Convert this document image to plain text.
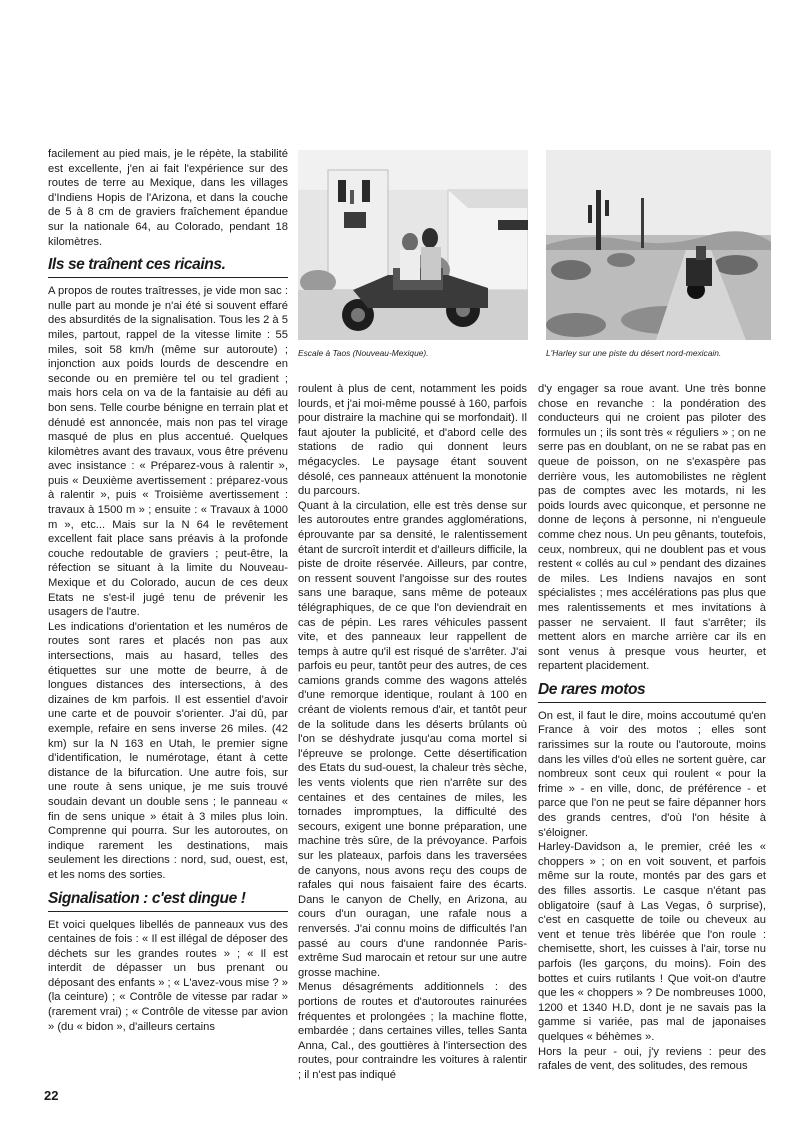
Escale à Taos (Nouveau-Mexique).	L'Harley sur une piste du désert nord-mexicain.

facilement au pied mais, je le répète, la stabilité est excellente, j'en ai fait l'expérience sur des routes de terre au Mexique, dans les villages d'Indiens Hopis de l'Arizona, et dans la couche de 5 à 8 cm de graviers fraîchement épandue sur la nationale 64, au Colorado, pendant 18 kilomètres.

Ils se traînent ces ricains.

A propos de routes traîtresses, je vide mon sac : nulle part au monde je n'ai été si souvent effaré des absurdités de la signalisation. Tous les 2 à 5 miles, partout, rappel de la vitesse limite : 55 miles, soit 58 km/h (même sur autoroute) ; injonction aux poids lourds de descendre en seconde ou en première tel ou tel gradient ; mais hors cela on va de la fantaisie au défi au bon sens. Telle courbe bénigne en terrain plat et dénudé est annoncée, mais non pas tel virage masqué de plus en plus accentué. Quelques kilomètres avant des travaux, vous être prévenu avec insistance : « Préparez-vous à ralentir », puis « Deuxième avertissement : préparez-vous à ralentir », puis « Troisième avertissement : travaux à 1500 m » ; ensuite : « Travaux à 1000 m », etc... Mais sur la N 64 le revêtement excellent fait place sans préavis à la profonde couche redoutable de graviers ; peut-être, la réfection se situant à la limite du Nouveau-Mexique et du Colorado, aucun de ces deux Etats ne s'est-il jugé tenu de prévenir les usagers de l'autre.

Les indications d'orientation et les numéros de routes sont rares et placés non pas aux intersections, mais au hasard, telles des étiquettes sur une motte de beurre, à de longues distances des intersections, à des dizaines de km parfois. Il est essentiel d'avoir une carte et de pouvoir s'orienter. J'ai dû, par exemple, refaire en sens inverse 26 miles. (42 km) sur la N 163 en Utah, le premier signe d'identification, le numérotage, étant à cette distance de la bifurcation. Une autre fois, sur une route à sens unique, je me suis trouvé soudain devant un double sens ; le panneau « fin de sens unique » était à 3 miles plus loin. Comprenne qui pourra. Sur les autoroutes, on indique rarement les destinations, mais seulement les directions : nord, sud, ouest, est, et les noms des sorties.

Signalisation : c'est dingue !

Et voici quelques libellés de panneaux vus des centaines de fois : « Il est illégal de déposer des déchets sur les grandes routes » ; « Il est interdit de dépasser un bus prenant ou déposant des enfants » ; « L'avez-vous mise ? » (la ceinture) ; « Contrôle de vitesse par radar » (rarement vrai) ; « Contrôle de vitesse par avion » (du « bidon », d'ailleurs certains

roulent à plus de cent, notamment les poids lourds, et j'ai moi-même poussé à 160, parfois pour distraire la machine qui se morfondait). Il faut ajouter la publicité, et d'abord celle des stations de radio qui donnent leurs mégacycles. Le paysage étant souvent désolé, ces panneaux atténuent la monotonie du parcours.

Quant à la circulation, elle est très dense sur les autoroutes entre grandes agglomérations, éprouvante par sa densité, le ralentissement étant de surcroît interdit et d'ailleurs difficile, la piste de droite réservée. Ailleurs, par contre, on ressent souvent l'angoisse sur des routes sans une baraque, sans même de poteaux télégraphiques, de ce que l'on deviendrait en cas de pépin. Les rares véhicules passent vite, et des panneaux leur rappellent de temps à autre qu'il est risqué de s'arrêter. J'ai parfois eu peur, tantôt peur des autres, de ces camions grands comme des wagons attelés d'une remorque identique, roulant à 100 en créant de violents remous d'air, et tantôt peur de la solitude dans les déserts brûlants où l'on se déshydrate jusqu'au coma mortel si l'épreuve se prolonge. Cette désertification des Etats du sud-ouest, la chaleur très sèche, les vents violents que rien n'arrête sur des centaines et des centaines de miles, les tornades impromptues, la difficulté des secours, exigent une bonne préparation, une machine très sûre, de la prévoyance. Parfois sur les plateaux, parfois dans les traversées de canyons, nous avons reçu des coups de rafales qui nous faisaient faire des écarts. Dans le canyon de Chelly, en Arizona, au cours d'un ouragan, une rafale nous a renversés. J'ai connu moins de difficultés l'an passé au cours d'une randonnée Paris-extrême Sud marocain et retour sur une autre grosse machine.

Menus désagréments additionnels : des portions de routes et d'autoroutes rainurées fréquentes et prolongées ; la machine flotte, embardée ; dans certaines villes, telles Santa Anna, Cal., des gouttières à l'intersection des routes, pour contraindre les voitures à ralentir ; il n'est pas indiqué

d'y engager sa roue avant. Une très bonne chose en revanche : la pondération des conducteurs qui ne croient pas piloter des formules un ; ils sont très « réguliers » ; on ne serre pas en doublant, on ne se rabat pas en queue de poisson, on ne s'exaspère pas derrière vous, les automobilistes ne règlent pas de comptes avec les motards, ni les poids lourds avec quiconque, et personne ne donne de leçons à personne, ni n'engueule comme chez nous. Un peu gênants, toutefois, ceux, nombreux, qui ne doublent pas et vous restent « collés au cul » pendant des dizaines de miles. Les Indiens navajos en sont spécialistes ; mes accélérations pas plus que mes ralentissements et mes invitations à passer ne servaient. Il faut s'arrêter; ils mettent alors en marche arrière car ils en sont venus à presque vous heurter, et repartent placidement.

De rares motos

On est, il faut le dire, moins accoutumé qu'en France à voir des motos ; elles sont rarissimes sur la route ou l'autoroute, moins dans les villes d'où elles ne sortent guère, car nombreux sont ceux qui roulent « pour la frime » - en ville, donc, de préférence - et parce que l'on ne peut se faire dépanner hors des grands centres, d'où l'on hésite à s'éloigner.

Harley-Davidson a, le premier, créé les « choppers » ; on en voit souvent, et parfois même sur la route, montés par des gars et des filles assortis. Le casque n'étant pas obligatoire (sauf à Las Vegas, ô surprise), c'est en casquette de toile ou cheveux au vent et tenue très libérée que l'on roule : chemisette, short, les cuisses à l'air, torse nu parfois (les garçons, du moins). Foin des bottes et cuirs rutilants ! Que voit-on d'autre que les « choppers » ? De nombreuses 1000, 1200 et 1340 H.D, dont je ne savais pas la gamme si variée, pas mal de japonaises quelques « béhèmes ».

Hors la peur - oui, j'y reviens : peur des rafales de vent, des solitudes, des remous

22
